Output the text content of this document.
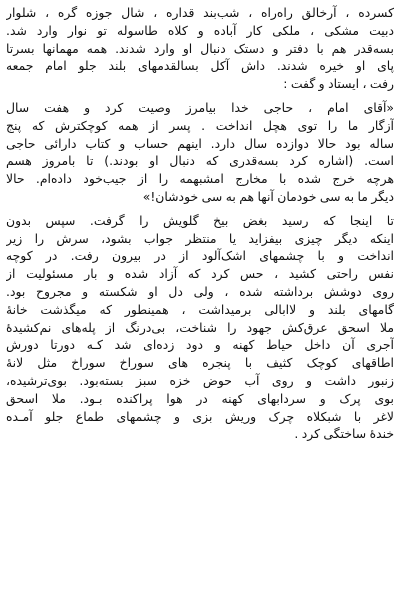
کسرده ، آرخالق راه‌راه ، شب‌بند قداره ، شال جوزه گره ، شلوار
دبیت مشکی ، ملکی کار آباده و کلاه طاسوله تو نوار وارد شد.
بسه‌قدر هم با دفتر و دستک دنبال او وارد شدند. همه مهمانها بسرتا
پای او خیره شدند. داش آکل بسالقدمهای بلند جلو امام جمعه
رفت ، ایستاد و گفت :

«آقای امام ، حاجی خدا بیامرز وصیت کرد و هفت سال
آزگار ما را توی هچل انداخت . پسر از همه کوچکترش که پنج
ساله بود حالا دوازده سال دارد. اینهم حساب و کتاب دارائی حاجی
است. (اشاره کرد بسه‌قدری که دنبال او بودند.) تا بامروز هسم
هرچه خرج شده با مخارج امشبهمه را از جیب‌خود داده‌ام. حالا
دیگر ما به سی خودمان آنها هم به سی خودشان!»

تا اینجا که رسید بغض بیخ گلویش را گرفت. سپس بدون
اینکه دیگر چیزی بیفزاید یا منتظر جواب بشود، سرش را زیر
انداخت و با چشمهای اشک‌آلود از در بیرون رفت. در کوچه
نفس راحتی کشید ، حس کرد که آزاد شده و بار مسئولیت از
روی دوشش برداشته شده ، ولی دل او شکسته و مجروح بود.
گامهای بلند و لاابالی برمیداشت ، همینطور که میگذشت خانهٔ
ملا اسحق عرق‌کش جهود را شناخت، بی‌درنگ از پله‌های نم‌کشیدهٔ
آجری آن داخل حیاط کهنه و دود زده‌ای شد کـه دورتا دورش
اطاقهای کوچک کثیف با پنجره های سوراخ سوراخ مثل لانهٔ
زنبور داشت و روی آب حوض خزه سبز بسته‌بود. بوی‌ترشیده،
بوی پرک و سردابهای کهنه در هوا پراکنده بـود. ملا اسحق
لاغر با شبکلاه چرک وریش بزی و چشمهای طماع جلو آمـده
خندهٔ ساختگی کرد .
